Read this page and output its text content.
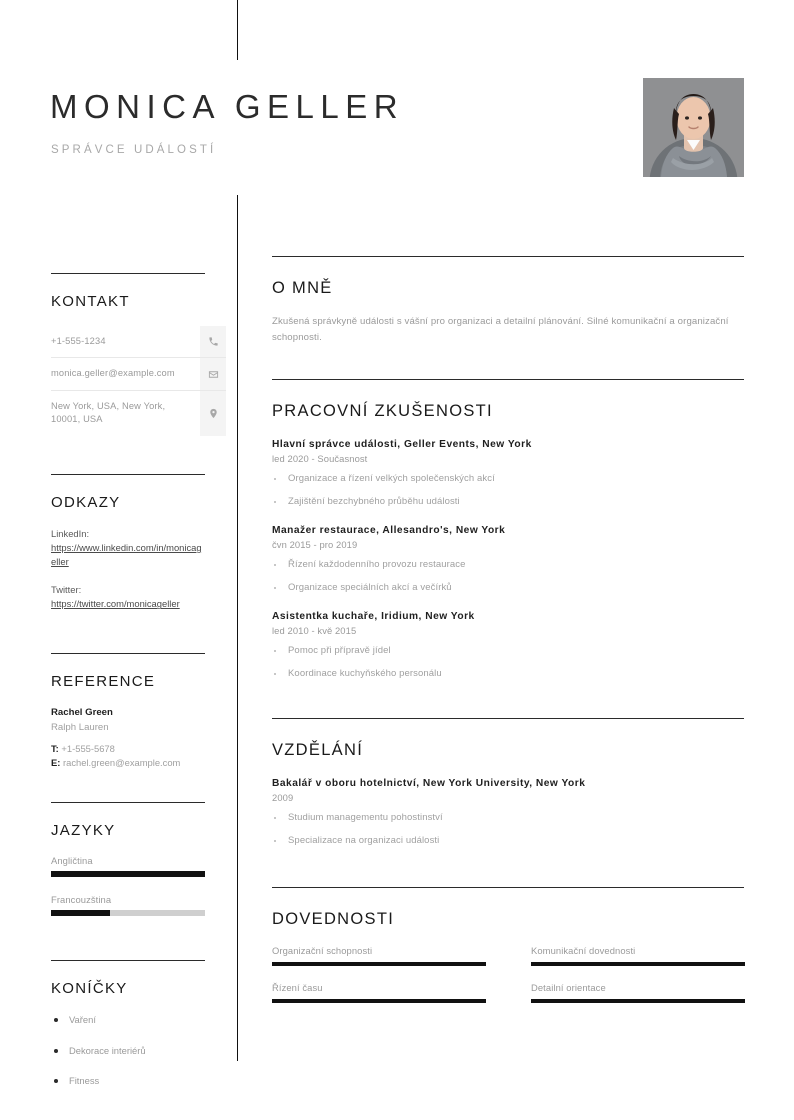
MONICA GELLER
SPRÁVCE UDÁLOSTÍ
KONTAKT
+1-555-1234
monica.geller@example.com
New York, USA, New York, 10001, USA
ODKAZY
LinkedIn:
https://www.linkedin.com/in/monicageller
Twitter:
https://twitter.com/monicageller
REFERENCE
Rachel Green
Ralph Lauren
T: +1-555-5678
E: rachel.green@example.com
JAZYKY
Angličtina
Francouzština
KONÍČKY
Vaření
Dekorace interiérů
Fitness
O MNĚ
Zkušená správkyně události s vášní pro organizaci a detailní plánování. Silné komunikační a organizační schopnosti.
PRACOVNÍ ZKUŠENOSTI
Hlavní správce události, Geller Events, New York
led 2020 - Současnost
Organizace a řízení velkých společenských akcí
Zajištění bezchybného průběhu události
Manažer restaurace, Allesandro's, New York
čvn 2015 - pro 2019
Řízení každodenního provozu restaurace
Organizace speciálních akcí a večírků
Asistentka kuchaře, Iridium, New York
led 2010 - kvě 2015
Pomoc při přípravě jídel
Koordinace kuchyňského personálu
VZDĚLÁNÍ
Bakalář v oboru hotelnictví, New York University, New York
2009
Studium managementu pohostinství
Specializace na organizaci události
DOVEDNOSTI
Organizační schopnosti	Komunikační dovednosti
Řízení času	Detailní orientace
